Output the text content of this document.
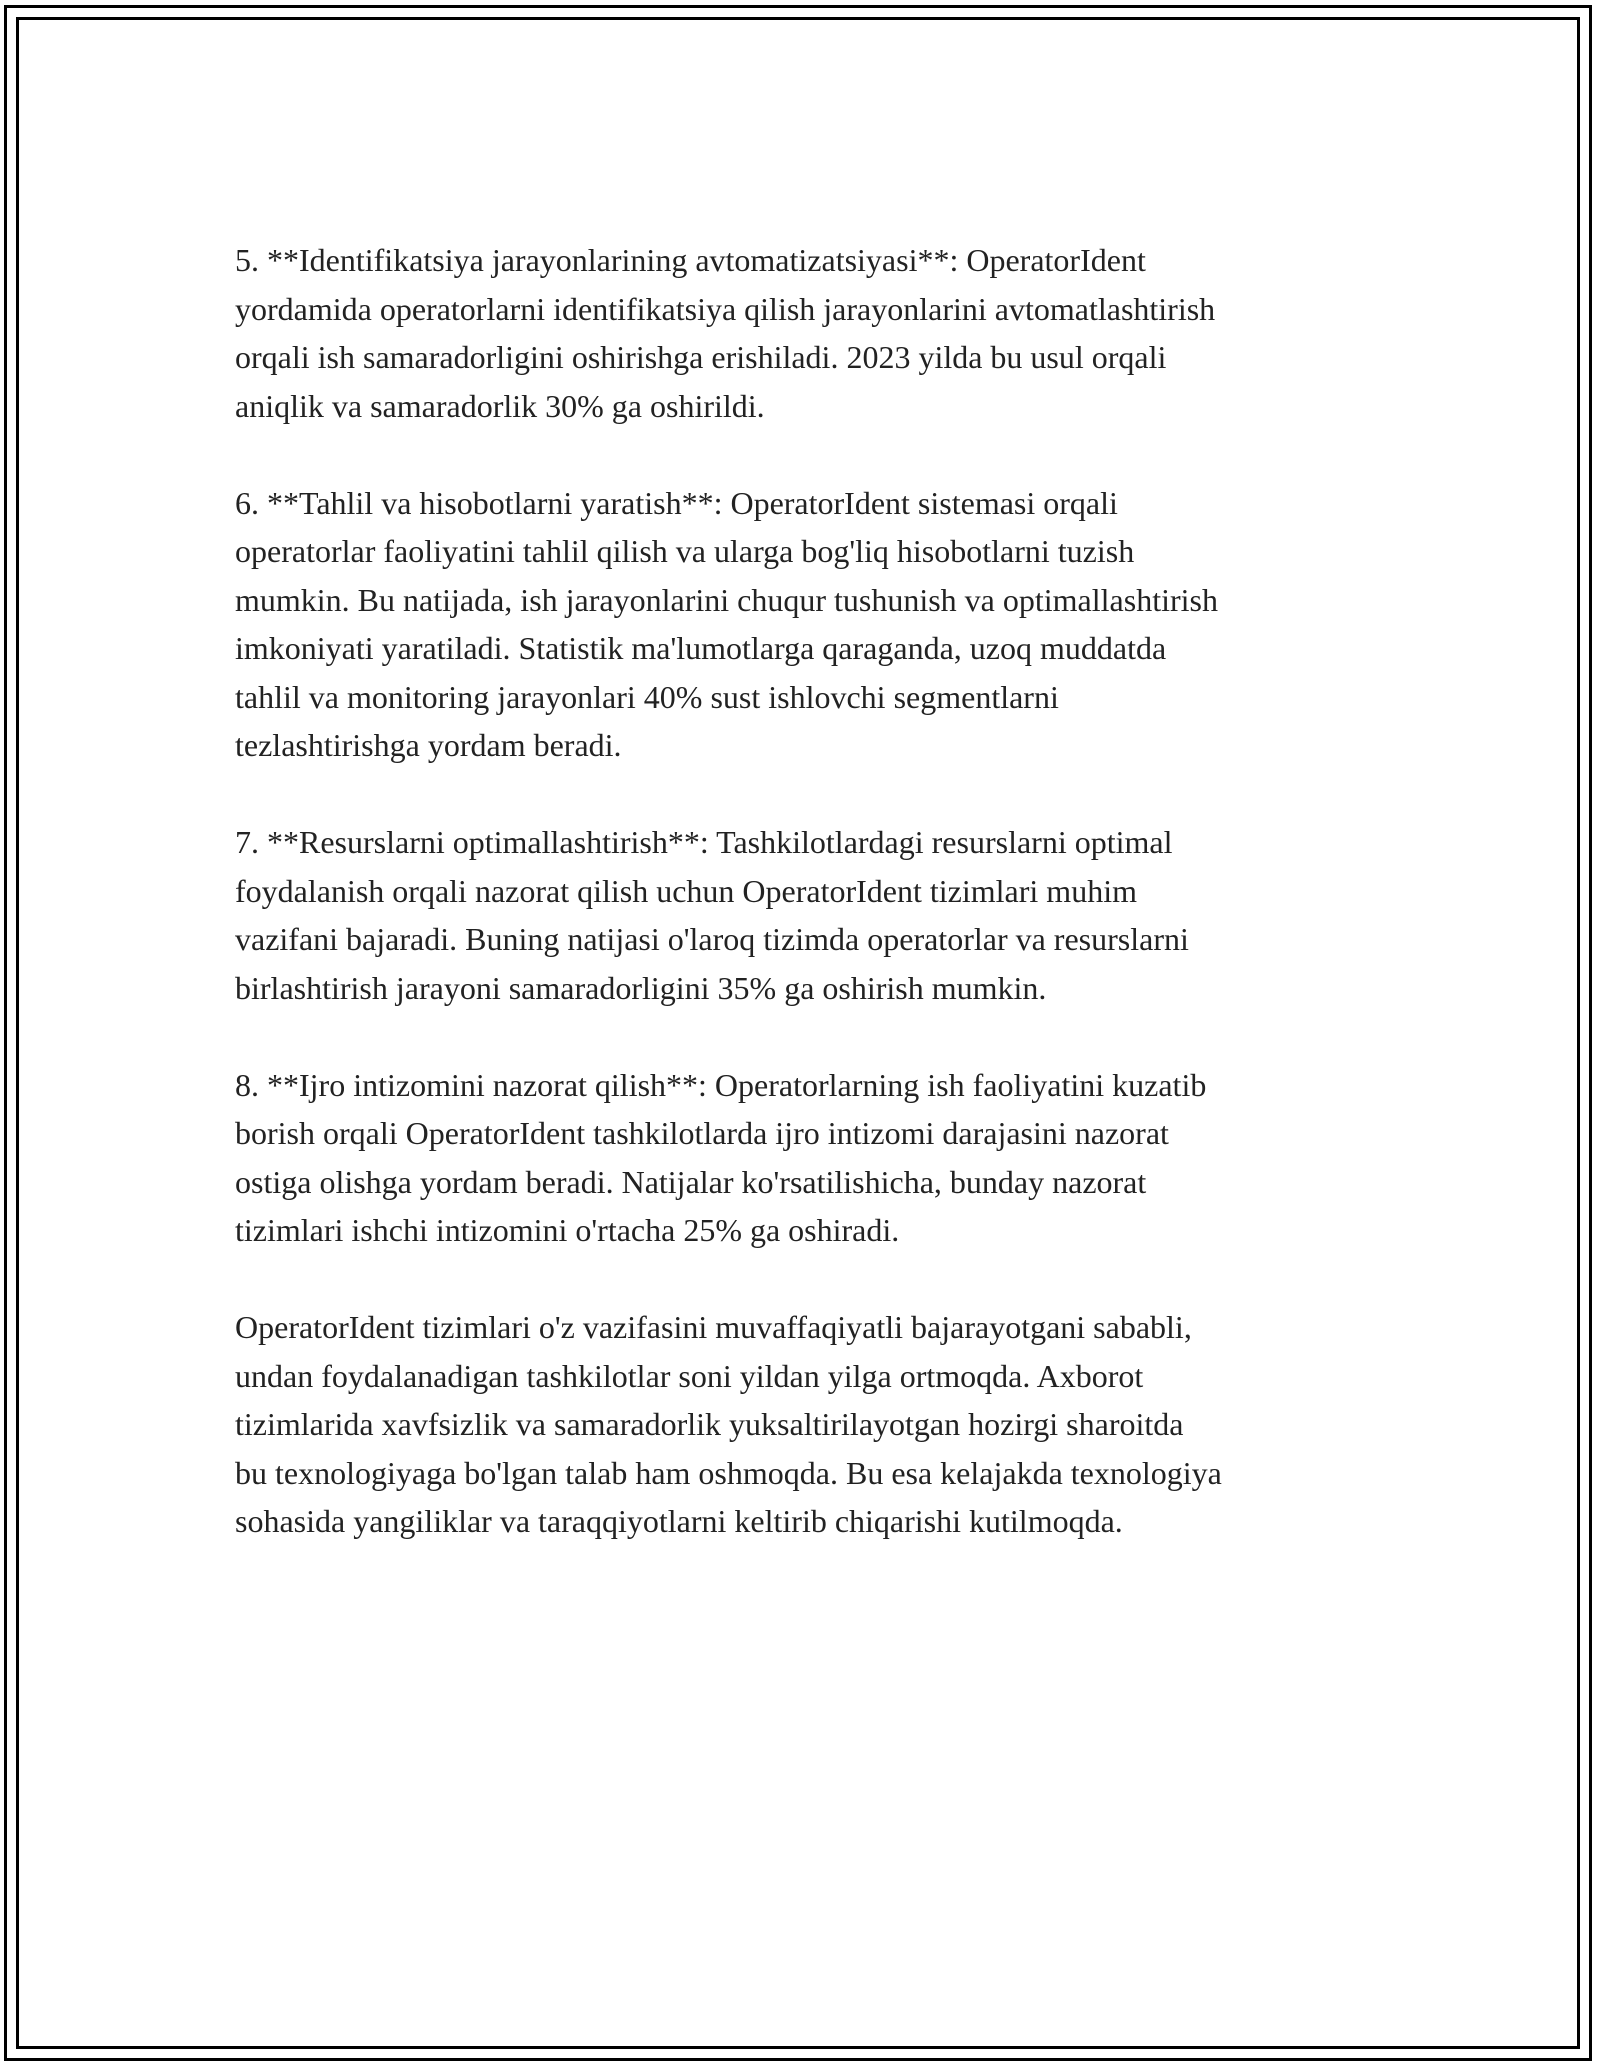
5. **Identifikatsiya jarayonlarining avtomatizatsiyasi**: OperatorIdent
yordamida operatorlarni identifikatsiya qilish jarayonlarini avtomatlashtirish
orqali ish samaradorligini oshirishga erishiladi. 2023 yilda bu usul orqali
aniqlik va samaradorlik 30% ga oshirildi.

6. **Tahlil va hisobotlarni yaratish**: OperatorIdent sistemasi orqali
operatorlar faoliyatini tahlil qilish va ularga bog'liq hisobotlarni tuzish
mumkin. Bu natijada, ish jarayonlarini chuqur tushunish va optimallashtirish
imkoniyati yaratiladi. Statistik ma'lumotlarga qaraganda, uzoq muddatda
tahlil va monitoring jarayonlari 40% sust ishlovchi segmentlarni
tezlashtirishga yordam beradi.

7. **Resurslarni optimallashtirish**: Tashkilotlardagi resurslarni optimal
foydalanish orqali nazorat qilish uchun OperatorIdent tizimlari muhim
vazifani bajaradi. Buning natijasi o'laroq tizimda operatorlar va resurslarni
birlashtirish jarayoni samaradorligini 35% ga oshirish mumkin.

8. **Ijro intizomini nazorat qilish**: Operatorlarning ish faoliyatini kuzatib
borish orqali OperatorIdent tashkilotlarda ijro intizomi darajasini nazorat
ostiga olishga yordam beradi. Natijalar ko'rsatilishicha, bunday nazorat
tizimlari ishchi intizomini o'rtacha 25% ga oshiradi.

OperatorIdent tizimlari o'z vazifasini muvaffaqiyatli bajarayotgani sababli,
undan foydalanadigan tashkilotlar soni yildan yilga ortmoqda. Axborot
tizimlarida xavfsizlik va samaradorlik yuksaltirilayotgan hozirgi sharoitda
bu texnologiyaga bo'lgan talab ham oshmoqda. Bu esa kelajakda texnologiya
sohasida yangiliklar va taraqqiyotlarni keltirib chiqarishi kutilmoqda.
